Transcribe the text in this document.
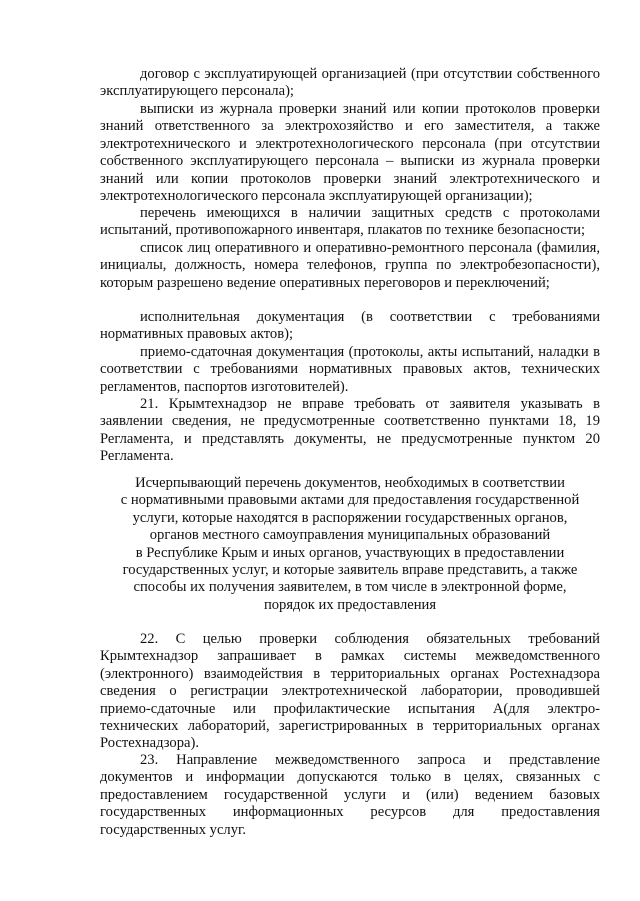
договор с эксплуатирующей организацией (при отсутствии собственного эксплуатирующего персонала);

выписки из журнала проверки знаний или копии протоколов проверки знаний ответственного за электрохозяйство и его заместителя, а также электротехнического и электротехнологического персонала (при отсутствии собственного эксплуатирующего персонала – выписки из журнала проверки знаний или копии протоколов проверки знаний электротехнического и электротехнологического персонала эксплуатирующей организации);

перечень имеющихся в наличии защитных средств с протоколами испытаний, противопожарного инвентаря, плакатов по технике безопасности;

список лиц оперативного и оперативно-ремонтного персонала (фамилия, инициалы, должность, номера телефонов, группа по электробезопасности), которым разрешено ведение оперативных переговоров и переключений;

исполнительная документация (в соответствии с требованиями нормативных правовых актов);

приемо-сдаточная документация (протоколы, акты испытаний, наладки в соответствии с требованиями нормативных правовых актов, технических регламентов, паспортов изготовителей).

21. Крымтехнадзор не вправе требовать от заявителя указывать в заявлении сведения, не предусмотренные соответственно пунктами 18, 19 Регламента, и представлять документы, не предусмотренные пунктом 20 Регламента.

Исчерпывающий перечень документов, необходимых в соответствии
с нормативными правовыми актами для предоставления государственной
услуги, которые находятся в распоряжении государственных органов,
органов местного самоуправления муниципальных образований
в Республике Крым и иных органов, участвующих в предоставлении
государственных услуг, и которые заявитель вправе представить, а также
способы их получения заявителем, в том числе в электронной форме,
порядок их предоставления

22. С целью проверки соблюдения обязательных требований Крымтехнадзор запрашивает в рамках системы межведомственного (электронного) взаимодействия в территориальных органах Ростехнадзора сведения о регистрации электротехнической лаборатории, проводившей приемо-сдаточные или профилактические испытания А(для электро-технических лабораторий, зарегистрированных в территориальных органах Ростехнадзора).

23. Направление межведомственного запроса и представление документов и информации допускаются только в целях, связанных с предоставлением государственной услуги и (или) ведением базовых государственных информационных ресурсов для предоставления государственных услуг.
